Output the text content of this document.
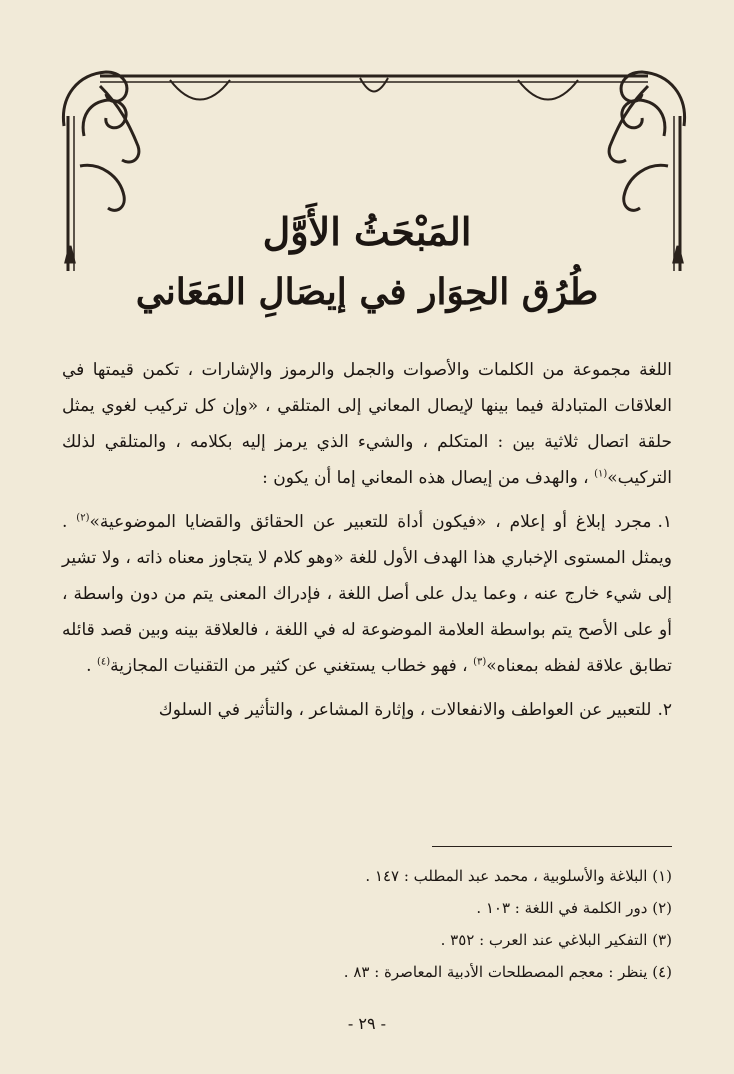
المَبْحَثُ الأَوَّل
طُرُق الحِوَار في إيصَالِ المَعَاني

اللغة مجموعة من الكلمات والأصوات والجمل والرموز والإشارات ، تكمن قيمتها في العلاقات المتبادلة فيما بينها لإيصال المعاني إلى المتلقي ، «وإن كل تركيب لغوي يمثل حلقة اتصال ثلاثية بين : المتكلم ، والشيء الذي يرمز إليه بكلامه ، والمتلقي لذلك التركيب»$^{(١)}$ ، والهدف من إيصال هذه المعاني إما أن يكون :

١.مجرد إبلاغ أو إعلام ، «فيكون أداة للتعبير عن الحقائق والقضايا الموضوعية»$^{(٢)}$ . ويمثل المستوى الإخباري هذا الهدف الأول للغة «وهو كلام لا يتجاوز معناه ذاته ، ولا تشير إلى شيء خارج عنه ، وعما يدل على أصل اللغة ، فإدراك المعنى يتم من دون واسطة ، أو على الأصح يتم بواسطة العلامة الموضوعة له في اللغة ، فالعلاقة بينه وبين قصد قائله تطابق علاقة لفظه بمعناه»$^{(٣)}$ ، فهو خطاب يستغني عن كثير من التقنيات المجازية$^{(٤)}$ .

٢.للتعبير عن العواطف والانفعالات ، وإثارة المشاعر ، والتأثير في السلوك

(١) البلاغة والأسلوبية ، محمد عبد المطلب : ١٤٧ .
(٢) دور الكلمة في اللغة : ١٠٣ .
(٣) التفكير البلاغي عند العرب : ٣٥٢ .
(٤) ينظر : معجم المصطلحات الأدبية المعاصرة : ٨٣ .
- ٢٩ -
